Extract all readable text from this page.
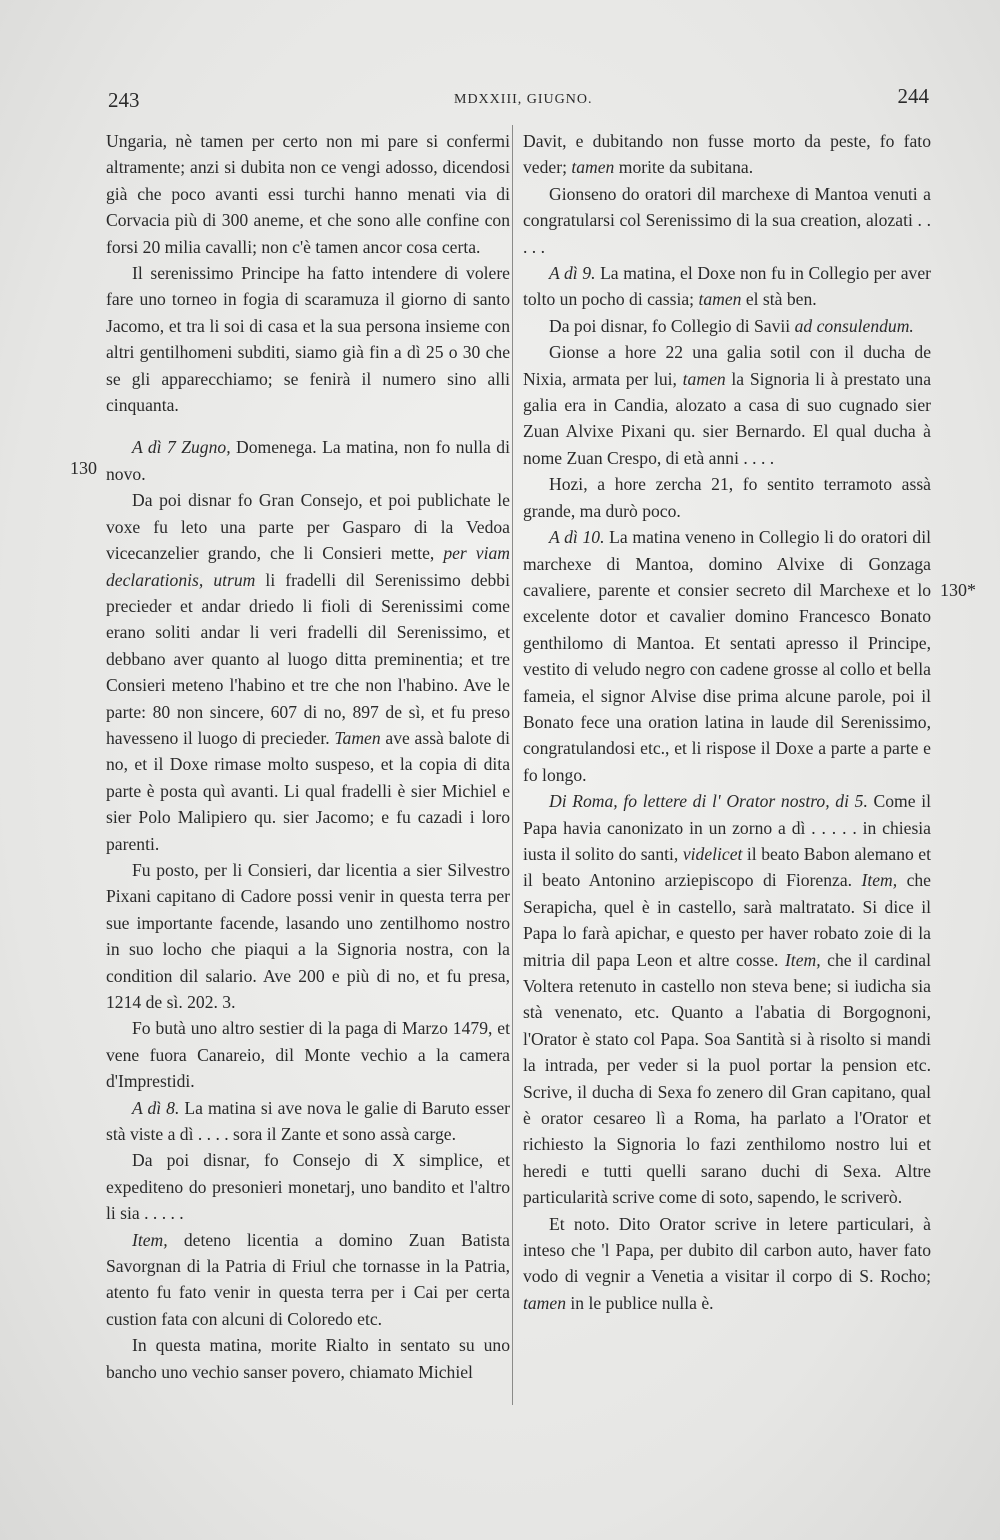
243	MDXXIII, GIUGNO.	244
130
130*

Ungaria, nè tamen per certo non mi pare si confermi altramente; anzi si dubita non ce vengi adosso, dicendosi già che poco avanti essi turchi hanno menati via di Corvacia più di 300 aneme, et che sono alle confine con forsi 20 milia cavalli; non c'è tamen ancor cosa certa.

Il serenissimo Principe ha fatto intendere di volere fare uno torneo in fogia di scaramuza il giorno di santo Jacomo, et tra li soi di casa et la sua persona insieme con altri gentilhomeni subditi, siamo già fin a dì 25 o 30 che se gli apparecchiamo; se fenirà il numero sino alli cinquanta.

A dì 7 Zugno, Domenega. La matina, non fo nulla di novo.

Da poi disnar fo Gran Consejo, et poi publichate le voxe fu leto una parte per Gasparo di la Vedoa vicecanzelier grando, che li Consieri mette, per viam declarationis, utrum li fradelli dil Serenissimo debbi precieder et andar driedo li fioli di Serenissimi come erano soliti andar li veri fradelli dil Serenissimo, et debbano aver quanto al luogo ditta preminentia; et tre Consieri meteno l'habino et tre che non l'habino. Ave le parte: 80 non sincere, 607 di no, 897 de sì, et fu preso havesseno il luogo di precieder. Tamen ave assà balote di no, et il Doxe rimase molto suspeso, et la copia di dita parte è posta quì avanti. Li qual fradelli è sier Michiel e sier Polo Malipiero qu. sier Jacomo; e fu cazadi i loro parenti.

Fu posto, per li Consieri, dar licentia a sier Silvestro Pixani capitano di Cadore possi venir in questa terra per sue importante facende, lasando uno zentilhomo nostro in suo locho che piaqui a la Signoria nostra, con la condition dil salario. Ave 200 e più di no, et fu presa, 1214 de sì. 202. 3.

Fo butà uno altro sestier di la paga di Marzo 1479, et vene fuora Canareio, dil Monte vechio a la camera d'Imprestidi.

A dì 8. La matina si ave nova le galie di Baruto esser stà viste a dì . . . . sora il Zante et sono assà carge.

Da poi disnar, fo Consejo di X simplice, et expediteno do presonieri monetarj, uno bandito et l'altro li sia . . . . .

Item, deteno licentia a domino Zuan Batista Savorgnan di la Patria di Friul che tornasse in la Patria, atento fu fato venir in questa terra per i Cai per certa custion fata con alcuni di Coloredo etc.

In questa matina, morite Rialto in sentato su uno bancho uno vechio sanser povero, chiamato Michiel

Davit, e dubitando non fusse morto da peste, fo fato veder; tamen morite da subitana.

Gionseno do oratori dil marchexe di Mantoa venuti a congratularsi col Serenissimo di la sua creation, alozati . . . . .

A dì 9. La matina, el Doxe non fu in Collegio per aver tolto un pocho di cassia; tamen el stà ben.

Da poi disnar, fo Collegio di Savii ad consulendum.

Gionse a hore 22 una galia sotil con il ducha de Nixia, armata per lui, tamen la Signoria li à prestato una galia era in Candia, alozato a casa di suo cugnado sier Zuan Alvixe Pixani qu. sier Bernardo. El qual ducha à nome Zuan Crespo, di età anni . . . .

Hozi, a hore zercha 21, fo sentito terramoto assà grande, ma durò poco.

A dì 10. La matina veneno in Collegio li do oratori dil marchexe di Mantoa, domino Alvixe di Gonzaga cavaliere, parente et consier secreto dil Marchexe et lo excelente dotor et cavalier domino Francesco Bonato genthilomo di Mantoa. Et sentati apresso il Principe, vestito di veludo negro con cadene grosse al collo et bella fameia, el signor Alvise dise prima alcune parole, poi il Bonato fece una oration latina in laude dil Serenissimo, congratulandosi etc., et li rispose il Doxe a parte a parte e fo longo.

Di Roma, fo lettere di l' Orator nostro, di 5. Come il Papa havia canonizato in un zorno a dì . . . . . in chiesia iusta il solito do santi, videlicet il beato Babon alemano et il beato Antonino arziepiscopo di Fiorenza. Item, che Serapicha, quel è in castello, sarà maltratato. Si dice il Papa lo farà apichar, e questo per haver robato zoie di la mitria dil papa Leon et altre cosse. Item, che il cardinal Voltera retenuto in castello non steva bene; si iudicha sia stà venenato, etc. Quanto a l'abatia di Borgognoni, l'Orator è stato col Papa. Soa Santità si à risolto si mandi la intrada, per veder si la puol portar la pension etc. Scrive, il ducha di Sexa fo zenero dil Gran capitano, qual è orator cesareo lì a Roma, ha parlato a l'Orator et richiesto la Signoria lo fazi zenthilomo nostro lui et heredi e tutti quelli sarano duchi di Sexa. Altre particularità scrive come di soto, sapendo, le scriverò.

Et noto. Dito Orator scrive in letere particulari, à inteso che 'l Papa, per dubito dil carbon auto, haver fato vodo di vegnir a Venetia a visitar il corpo di S. Rocho; tamen in le publice nulla è.
